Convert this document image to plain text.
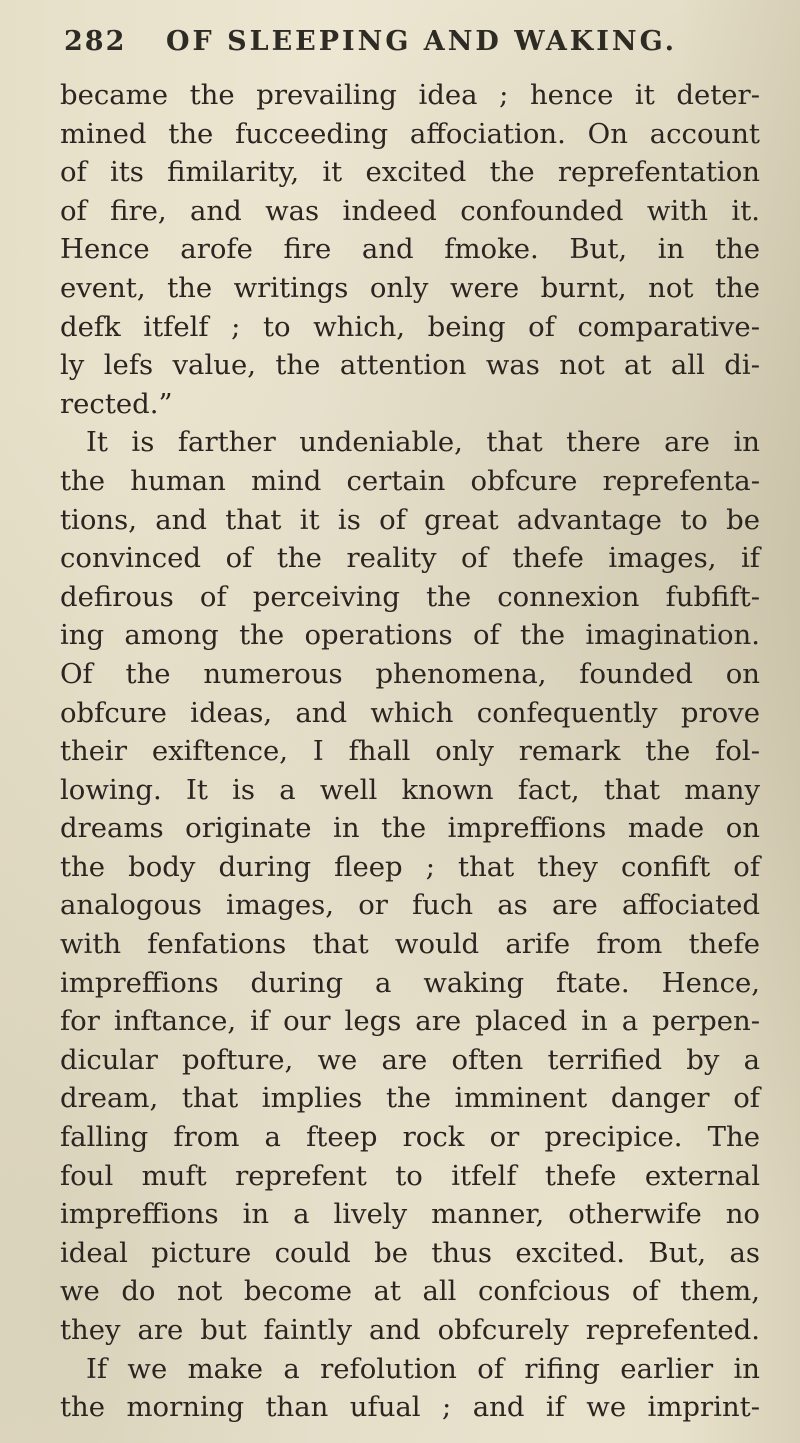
282 OF SLEEPING AND WAKING.
became the prevailing idea ; hence it deter-
mined the fucceeding affociation. On account
of its fimilarity, it excited the reprefentation
of fire, and was indeed confounded with it.
Hence arofe fire and fmoke. But, in the
event, the writings only were burnt, not the
defk itfelf ; to which, being of comparative-
ly lefs value, the attention was not at all di-
rected.”
It is farther undeniable, that there are in
the human mind certain obfcure reprefenta-
tions, and that it is of great advantage to be
convinced of the reality of thefe images, if
defirous of perceiving the connexion fubfift-
ing among the operations of the imagination.
Of the numerous phenomena, founded on
obfcure ideas, and which confequently prove
their exiftence, I fhall only remark the fol-
lowing. It is a well known fact, that many
dreams originate in the impreffions made on
the body during fleep ; that they confift of
analogous images, or fuch as are affociated
with fenfations that would arife from thefe
impreffions during a waking ftate. Hence,
for inftance, if our legs are placed in a perpen-
dicular pofture, we are often terrified by a
dream, that implies the imminent danger of
falling from a fteep rock or precipice. The
foul muft reprefent to itfelf thefe external
impreffions in a lively manner, otherwife no
ideal picture could be thus excited. But, as
we do not become at all confcious of them,
they are but faintly and obfcurely reprefented.
If we make a refolution of rifing earlier in
the morning than ufual ; and if we imprint-
